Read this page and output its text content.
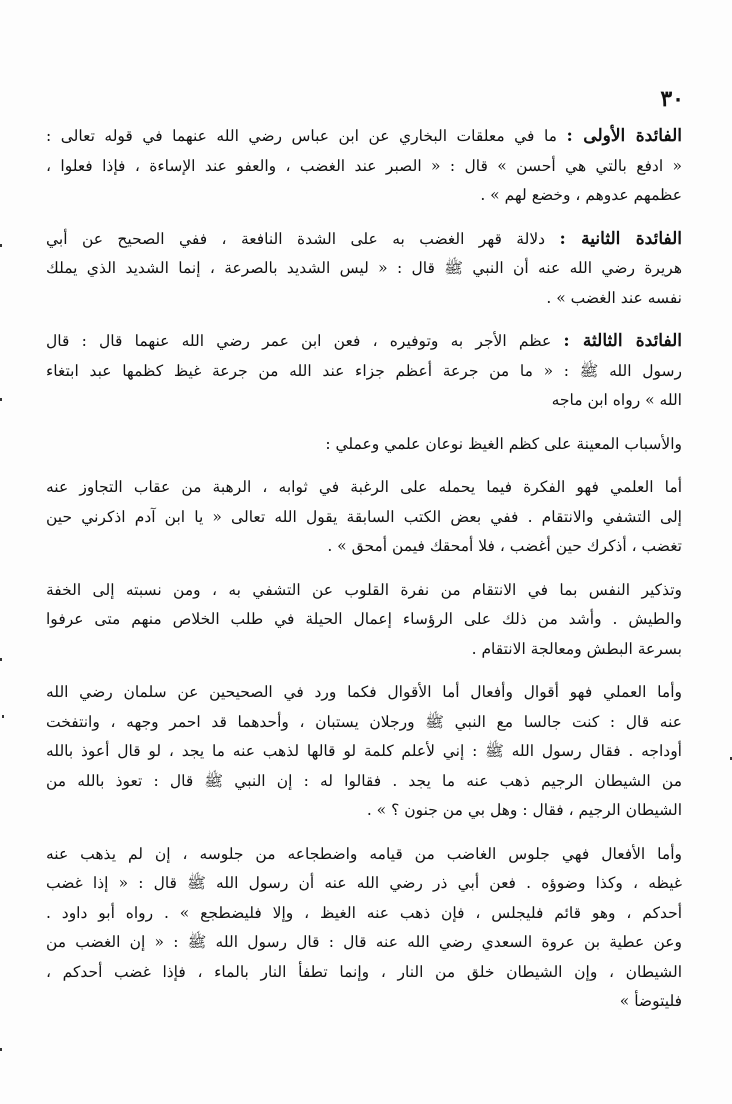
٣٠
الفائدة الأولى : ما في معلقات البخاري عن ابن عباس رضي الله عنهما في قوله تعالى :
« ادفع بالتي هي أحسن » قال : « الصبر عند الغضب ، والعفو عند الإساءة ، فإذا فعلوا ،
عظمهم عدوهم ، وخضع لهم » .
الفائدة الثانية : دلالة قهر الغضب به على الشدة النافعة ، ففي الصحيح عن أبي
هريرة رضي الله عنه أن النبي ﷺ قال : « ليس الشديد بالصرعة ، إنما الشديد الذي يملك
نفسه عند الغضب » .
الفائدة الثالثة : عظم الأجر به وتوفيره ، فعن ابن عمر رضي الله عنهما قال : قال
رسول الله ﷺ : « ما من جرعة أعظم جزاء عند الله من جرعة غيظ كظمها عبد ابتغاء
الله » رواه ابن ماجه
والأسباب المعينة على كظم الغيظ نوعان علمي وعملي :
أما العلمي فهو الفكرة فيما يحمله على الرغبة في ثوابه ، الرهبة من عقاب التجاوز عنه
إلى التشفي والانتقام . ففي بعض الكتب السابقة يقول الله تعالى « يا ابن آدم اذكرني حين
تغضب ، أذكرك حين أغضب ، فلا أمحقك فيمن أمحق » .
وتذكير النفس بما في الانتقام من نفرة القلوب عن التشفي به ، ومن نسبته إلى الخفة
والطيش . وأشد من ذلك على الرؤساء إعمال الحيلة في طلب الخلاص منهم متى عرفوا
بسرعة البطش ومعالجة الانتقام .
وأما العملي فهو أقوال وأفعال أما الأقوال فكما ورد في الصحيحين عن سلمان رضي الله
عنه قال : كنت جالسا مع النبي ﷺ ورجلان يستبان ، وأحدهما قد احمر وجهه ، وانتفخت
أوداجه . فقال رسول الله ﷺ : إني لأعلم كلمة لو قالها لذهب عنه ما يجد ، لو قال أعوذ بالله
من الشيطان الرجيم ذهب عنه ما يجد . فقالوا له : إن النبي ﷺ قال : تعوذ بالله من
الشيطان الرجيم ، فقال : وهل بي من جنون ؟ » .
وأما الأفعال فهي جلوس الغاضب من قيامه واضطجاعه من جلوسه ، إن لم يذهب عنه
غيظه ، وكذا وضوؤه . فعن أبي ذر رضي الله عنه أن رسول الله ﷺ قال : « إذا غضب
أحدكم ، وهو قائم فليجلس ، فإن ذهب عنه الغيظ ، وإلا فليضطجع » . رواه أبو داود .
وعن عطية بن عروة السعدي رضي الله عنه قال : قال رسول الله ﷺ : « إن الغضب من
الشيطان ، وإن الشيطان خلق من النار ، وإنما تطفأ النار بالماء ، فإذا غضب أحدكم ،
فليتوضأ »
